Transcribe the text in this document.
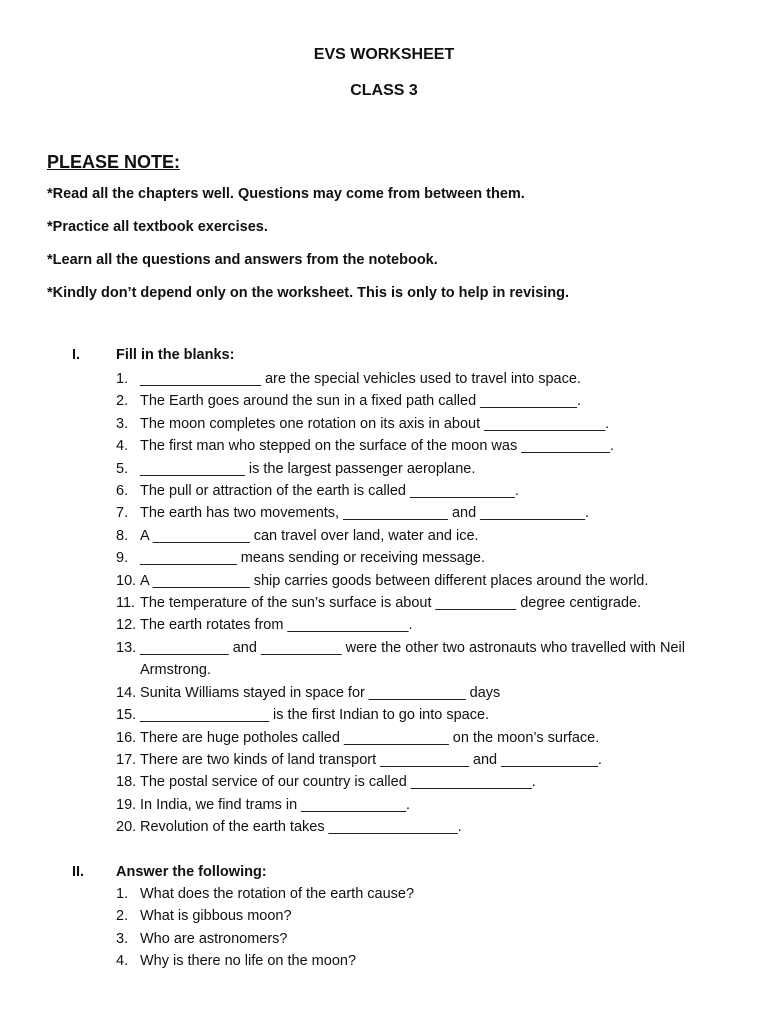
EVS WORKSHEET
CLASS 3

PLEASE NOTE:

*Read all the chapters well. Questions may come from between them.

*Practice all textbook exercises.

*Learn all the questions and answers from the notebook.

*Kindly don’t depend only on the worksheet. This is only to help in revising.

I. Fill in the blanks:

1. _______________ are the special vehicles used to travel into space.
2. The Earth goes around the sun in a fixed path called ____________.
3. The moon completes one rotation on its axis in about _______________.
4. The first man who stepped on the surface of the moon was ___________.
5. _____________ is the largest passenger aeroplane.
6. The pull or attraction of the earth is called _____________.
7. The earth has two movements, _____________ and _____________.
8. A ____________ can travel over land, water and ice.
9. ____________ means sending or receiving message.
10. A ____________ ship carries goods between different places around the world.
11. The temperature of the sun’s surface is about __________ degree centigrade.
12. The earth rotates from _______________.
13. ___________ and __________ were the other two astronauts who travelled with Neil Armstrong.
14. Sunita Williams stayed in space for ____________ days
15. ________________ is the first Indian to go into space.
16. There are huge potholes called _____________ on the moon’s surface.
17. There are two kinds of land transport ___________ and ____________.
18. The postal service of our country is called _______________.
19. In India, we find trams in _____________.
20. Revolution of the earth takes ________________.

II. Answer the following:

1. What does the rotation of the earth cause?
2. What is gibbous moon?
3. Who are astronomers?
4. Why is there no life on the moon?
